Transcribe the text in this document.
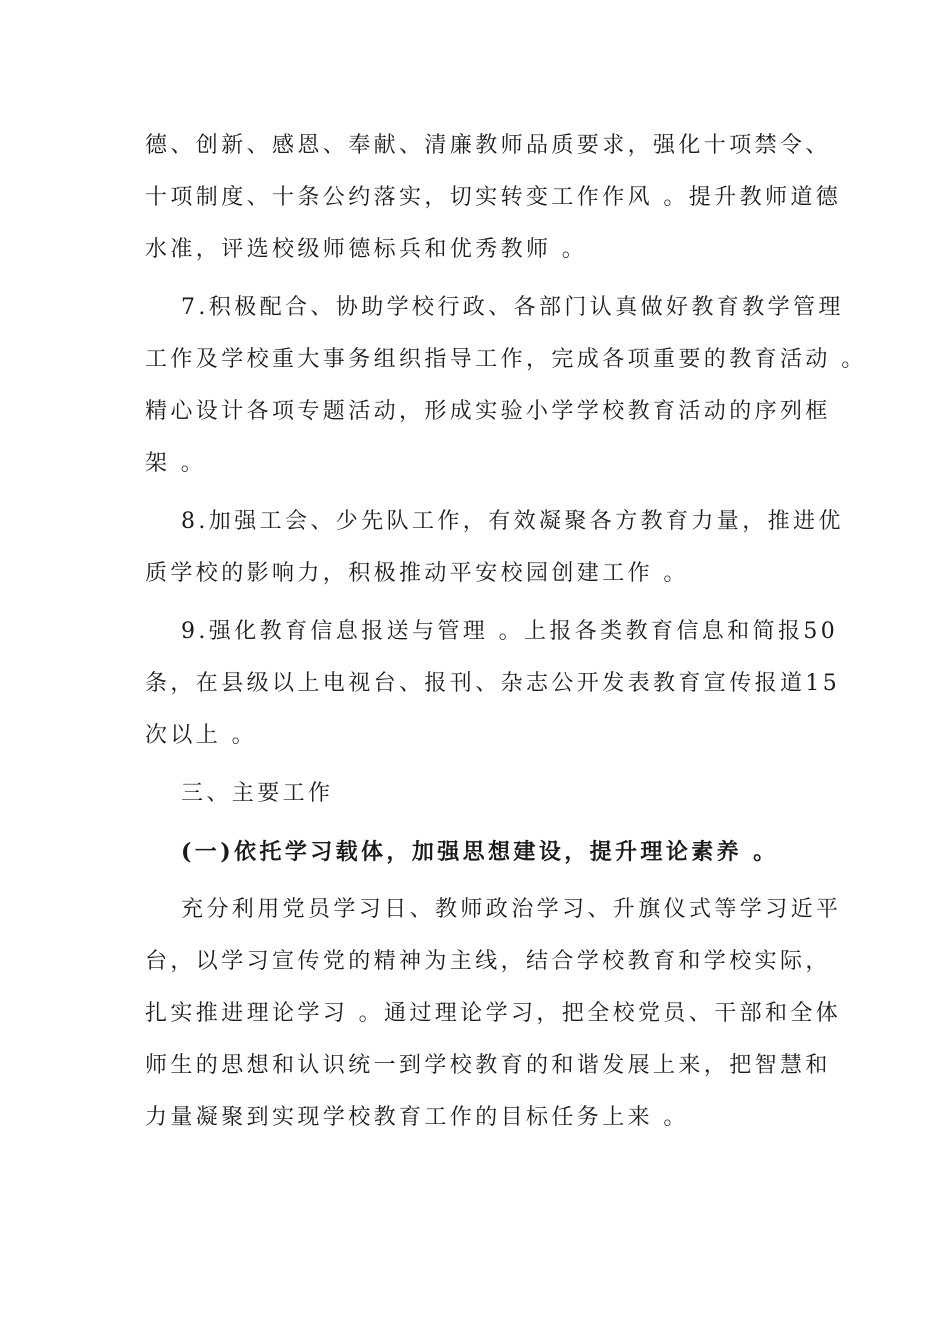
德、创新、感恩、奉献、清廉教师品质要求，强化十项禁令、
十项制度、十条公约落实，切实转变工作作风 。提升教师道德
水准，评选校级师德标兵和优秀教师 。
7.积极配合、协助学校行政、各部门认真做好教育教学管理
工作及学校重大事务组织指导工作，完成各项重要的教育活动 。
精心设计各项专题活动，形成实验小学学校教育活动的序列框
架 。
8.加强工会、少先队工作，有效凝聚各方教育力量，推进优
质学校的影响力，积极推动平安校园创建工作 。
9.强化教育信息报送与管理 。上报各类教育信息和简报50
条，在县级以上电视台、报刊、杂志公开发表教育宣传报道15
次以上 。
三、主要工作
(一)依托学习载体，加强思想建设，提升理论素养 。
充分利用党员学习日、教师政治学习、升旗仪式等学习近平
台，以学习宣传党的精神为主线，结合学校教育和学校实际，
扎实推进理论学习 。通过理论学习，把全校党员、干部和全体
师生的思想和认识统一到学校教育的和谐发展上来，把智慧和
力量凝聚到实现学校教育工作的目标任务上来 。
